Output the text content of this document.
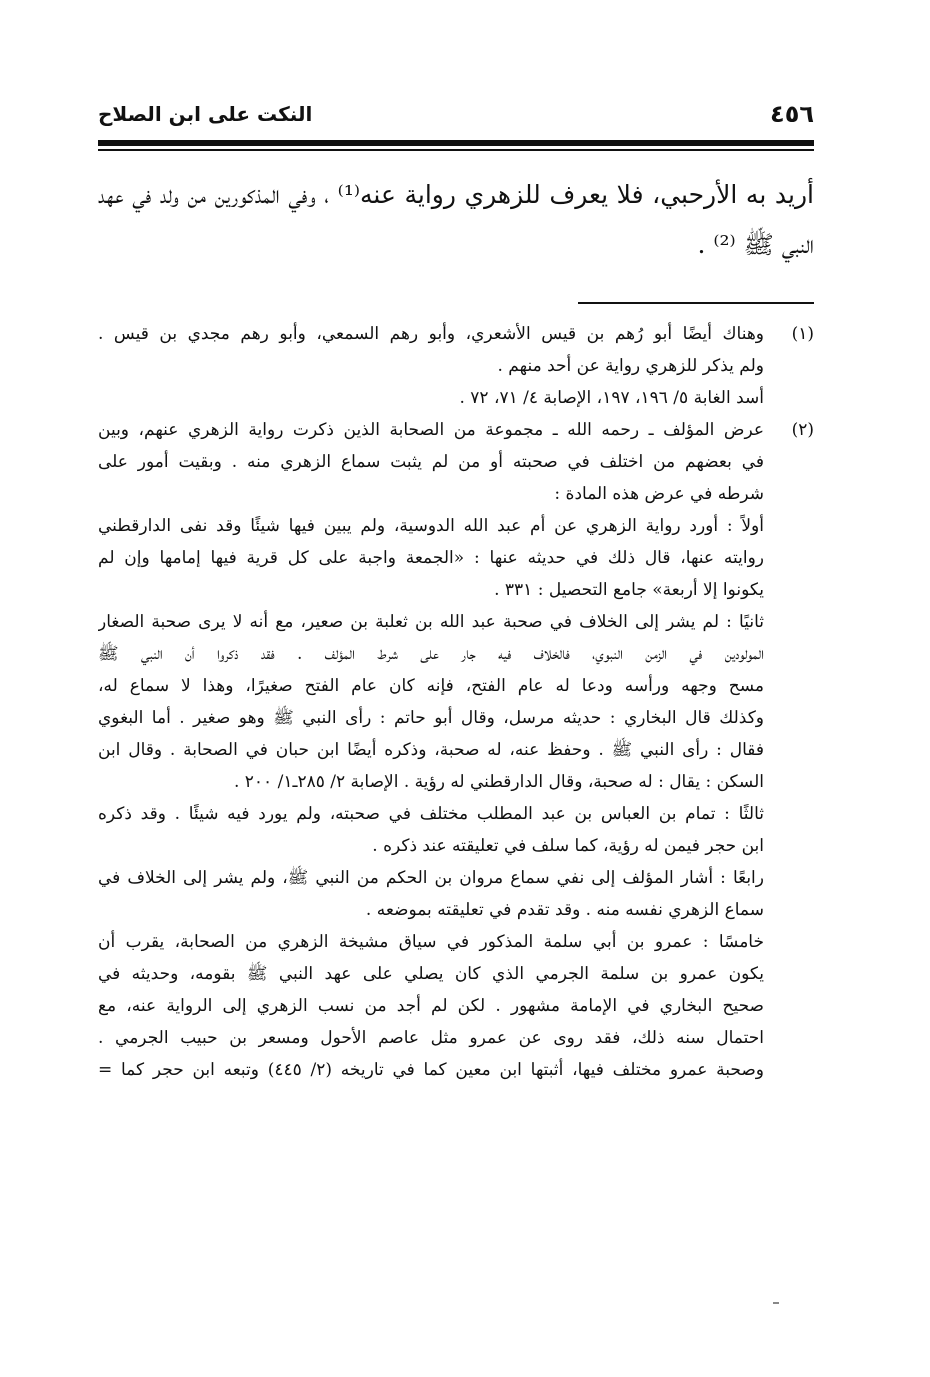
٤٥٦
النكت على ابن الصلاح

أريد به الأرحبي، فلا يعرف للزهري رواية عنه⁽¹⁾ ، وفي المذكورين من ولد في عهد النبي ﷺ ⁽²⁾ .

(١)
وهناك أيضًا أبو رُهم بن قيس الأشعري، وأبو رهم السمعي، وأبو رهم مجدي بن قيس .
ولم يذكر للزهري رواية عن أحد منهم .
أسد الغابة ٥/ ١٩٦، ١٩٧، الإصابة ٤/ ٧١، ٧٢ .
(٢)
عرض المؤلف ـ رحمه الله ـ مجموعة من الصحابة الذين ذكرت رواية الزهري عنهم، وبين
في بعضهم من اختلف في صحبته أو من لم يثبت سماع الزهري منه . وبقيت أمور على
شرطه في عرض هذه المادة :
أولاً : أورد رواية الزهري عن أم عبد الله الدوسية، ولم يبين فيها شيئًا وقد نفى الدارقطني
روايته عنها، قال ذلك في حديثه عنها : «الجمعة واجبة على كل قرية فيها إمامها وإن لم
يكونوا إلا أربعة» جامع التحصيل : ٣٣١ .
ثانيًا : لم يشر إلى الخلاف في صحبة عبد الله بن ثعلبة بن صعير، مع أنه لا يرى صحبة الصغار
المولودين في الزمن النبوي، فالخلاف فيه جار على شرط المؤلف . فقد ذكروا أن النبي ﷺ
مسح وجهه ورأسه ودعا له عام الفتح، فإنه كان عام الفتح صغيرًا، وهذا لا سماع له،
وكذلك قال البخاري : حديثه مرسل، وقال أبو حاتم : رأى النبي ﷺ وهو صغير . أما البغوي
فقال : رأى النبي ﷺ . وحفظ عنه، له صحبة، وذكره أيضًا ابن حبان في الصحابة . وقال ابن
السكن : يقال : له صحبة، وقال الدارقطني له رؤية . الإصابة ٢/ ٢٨٥ـ١/ ٢٠٠ .
ثالثًا : تمام بن العباس بن عبد المطلب مختلف في صحبته، ولم يورد فيه شيئًا . وقد ذكره
ابن حجر فيمن له رؤية، كما سلف في تعليقته عند ذكره .
رابعًا : أشار المؤلف إلى نفي سماع مروان بن الحكم من النبي ﷺ، ولم يشر إلى الخلاف في
سماع الزهري نفسه منه . وقد تقدم في تعليقته بموضعه .
خامسًا : عمرو بن أبي سلمة المذكور في سياق مشيخة الزهري من الصحابة، يقرب أن
يكون عمرو بن سلمة الجرمي الذي كان يصلي على عهد النبي ﷺ بقومه، وحديثه في
صحيح البخاري في الإمامة مشهور . لكن لم أجد من نسب الزهري إلى الرواية عنه، مع
احتمال سنه ذلك، فقد روى عن عمرو مثل عاصم الأحول ومسعر بن حبيب الجرمي .
وصحبة عمرو مختلف فيها، أثبتها ابن معين كما في تاريخه (٢/ ٤٤٥) وتبعه ابن حجر كما =
